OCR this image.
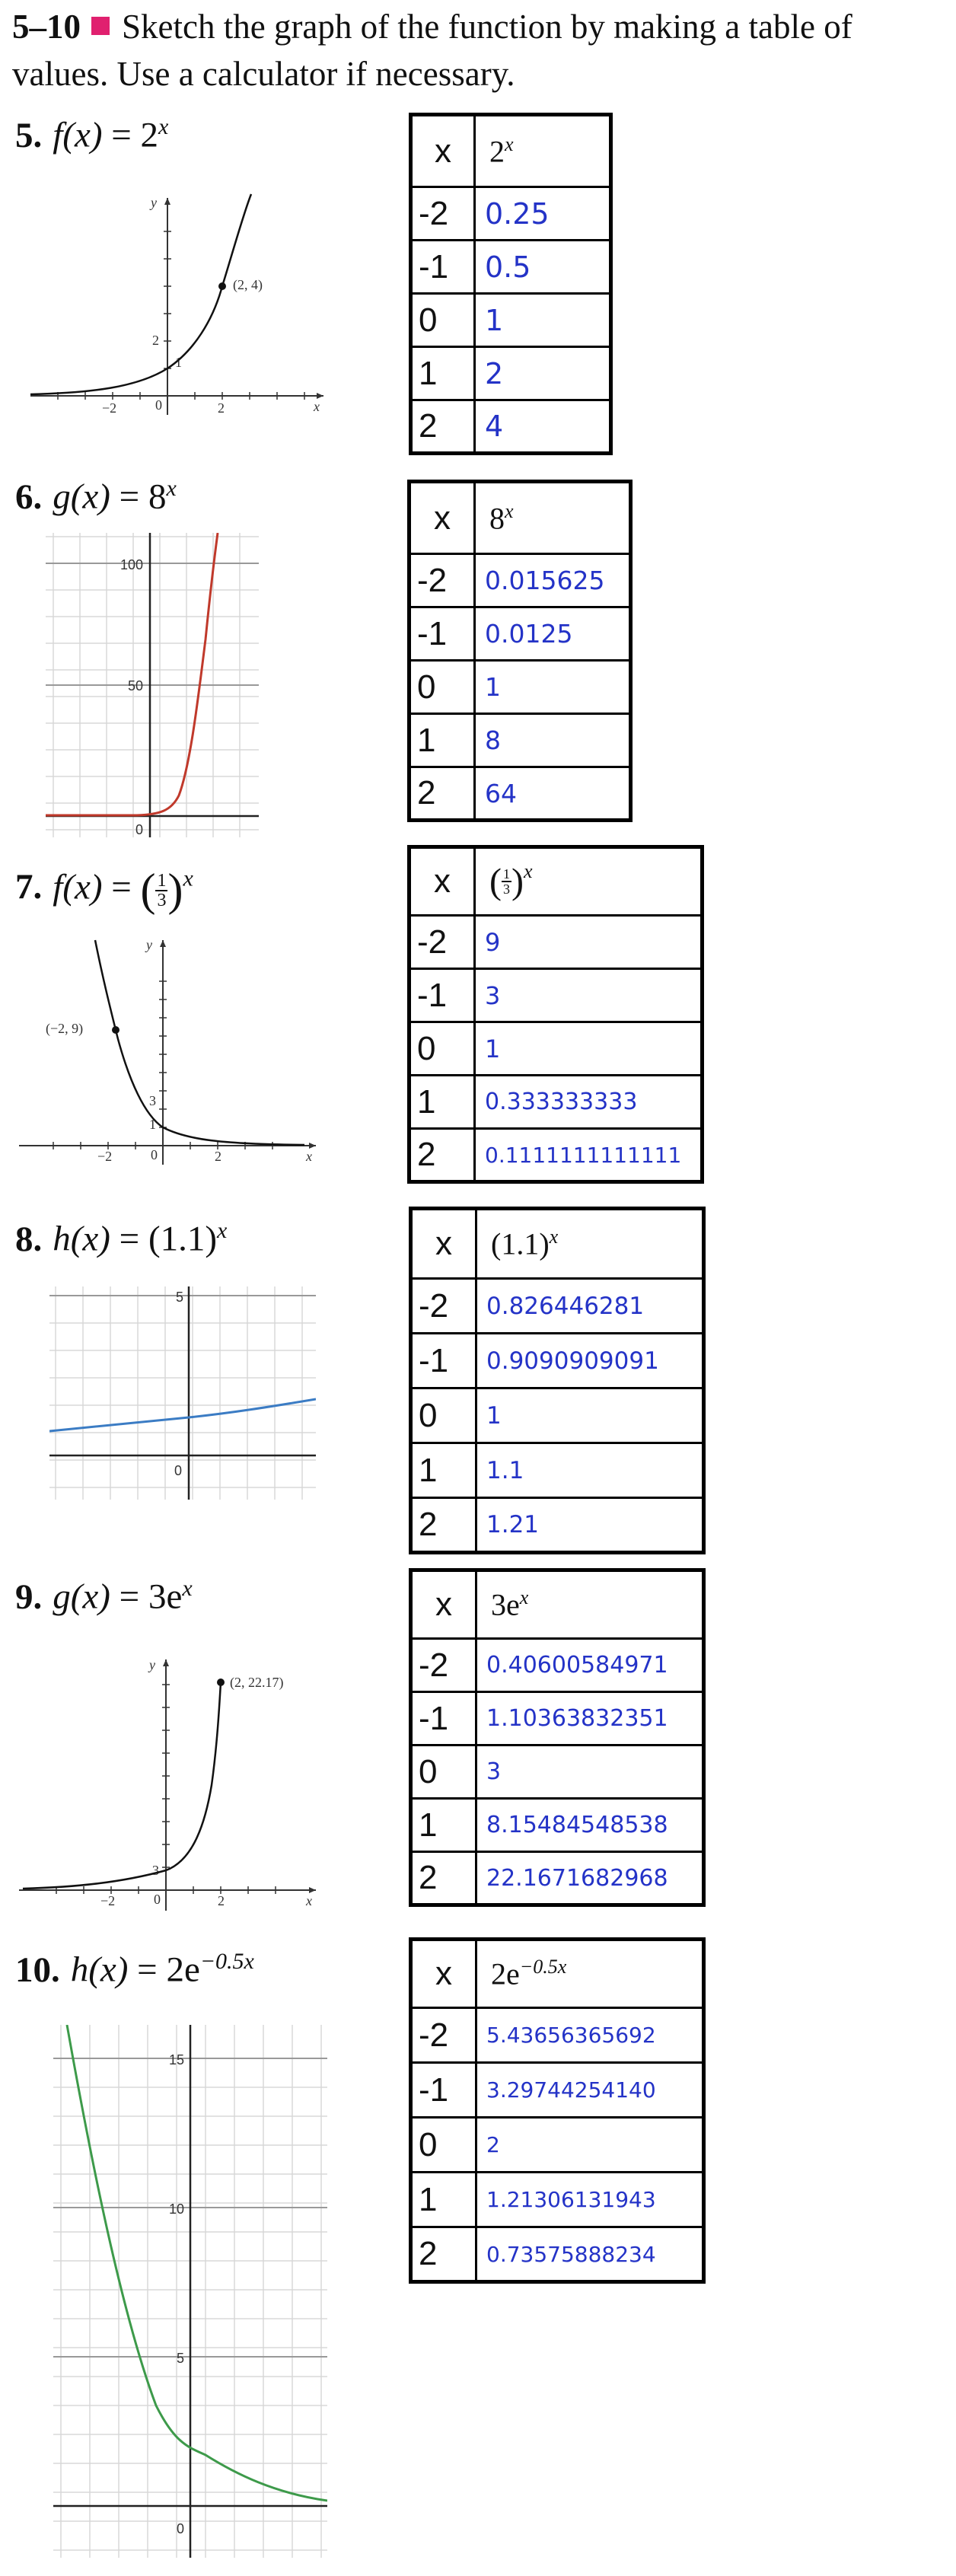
5–10 Sketch the graph of the function by making a table of values. Use a calculator if necessary.
5. $f(x) = 2^x$
x
y
−2	0	2
1
2
(2, 4)
x	2$^x$
-2	0.25
-1	0.5
0	1
1	2
2	4
6. $g(x) = 8^x$
100
50
0
x	8$^x$
-2	0.015625
-1	0.0125
0	1
1	8
2	64
7. f(x) = ( $\frac{1}{3} )^x$
x
y
−2	0	2
3
1
(−2, 9)
x	( $\frac{1}{3} )^x$
-2	9
-1	3
0	1
1	0.333333333
2	0.1111111111111
8. $h(x) = (1.1)^x$
5
0
x	$(1.1)^x$
-2	0.826446281
-1	0.9090909091
0	1
1	1.1
2	1.21
9. $g(x) = 3e^x$
x
y
−2	0	2
3
(2, 22.17)
x	$3e^x$
-2	0.40600584971
-1	1.10363832351
0	3
1	8.15484548538
2	22.1671682968
10. $h(x) = 2e^{-0.5x}$
15
10
5
0
x	$2e^{-0.5x}$
-2	5.43656365692
-1	3.29744254140
0	2
1	1.21306131943
2	0.73575888234
